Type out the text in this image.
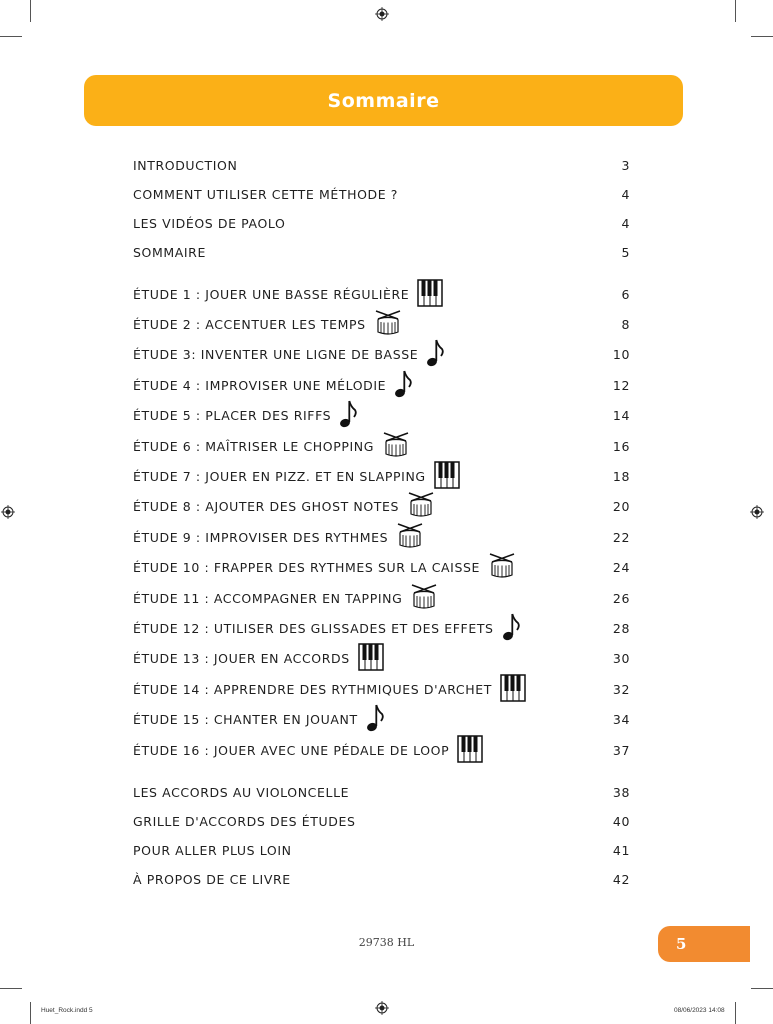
Sommaire
INTRODUCTION	3
COMMENT UTILISER CETTE MÉTHODE ?	4
LES VIDÉOS DE PAOLO	4
SOMMAIRE	5
ÉTUDE 1 : JOUER UNE BASSE RÉGULIÈRE	6
ÉTUDE 2 : ACCENTUER LES TEMPS	8
ÉTUDE 3: INVENTER UNE LIGNE DE BASSE	10
ÉTUDE 4 : IMPROVISER UNE MÉLODIE	12
ÉTUDE 5 : PLACER DES RIFFS	14
ÉTUDE 6 : MAÎTRISER LE CHOPPING	16
ÉTUDE 7 : JOUER EN PIZZ. ET EN SLAPPING	18
ÉTUDE 8 : AJOUTER DES GHOST NOTES	20
ÉTUDE 9 : IMPROVISER DES RYTHMES	22
ÉTUDE 10 : FRAPPER DES RYTHMES SUR LA CAISSE	24
ÉTUDE 11 : ACCOMPAGNER EN TAPPING	26
ÉTUDE 12 : UTILISER DES GLISSADES ET DES EFFETS	28
ÉTUDE 13 : JOUER EN ACCORDS	30
ÉTUDE 14 : APPRENDRE DES RYTHMIQUES D'ARCHET	32
ÉTUDE 15 : CHANTER EN JOUANT	34
ÉTUDE 16 : JOUER AVEC UNE PÉDALE DE LOOP	37
LES ACCORDS AU VIOLONCELLE	38
GRILLE D'ACCORDS DES ÉTUDES	40
POUR ALLER PLUS LOIN	41
À PROPOS DE CE LIVRE	42
29738 HL	5
Huet_Rock.indd 5	08/06/2023 14:08
